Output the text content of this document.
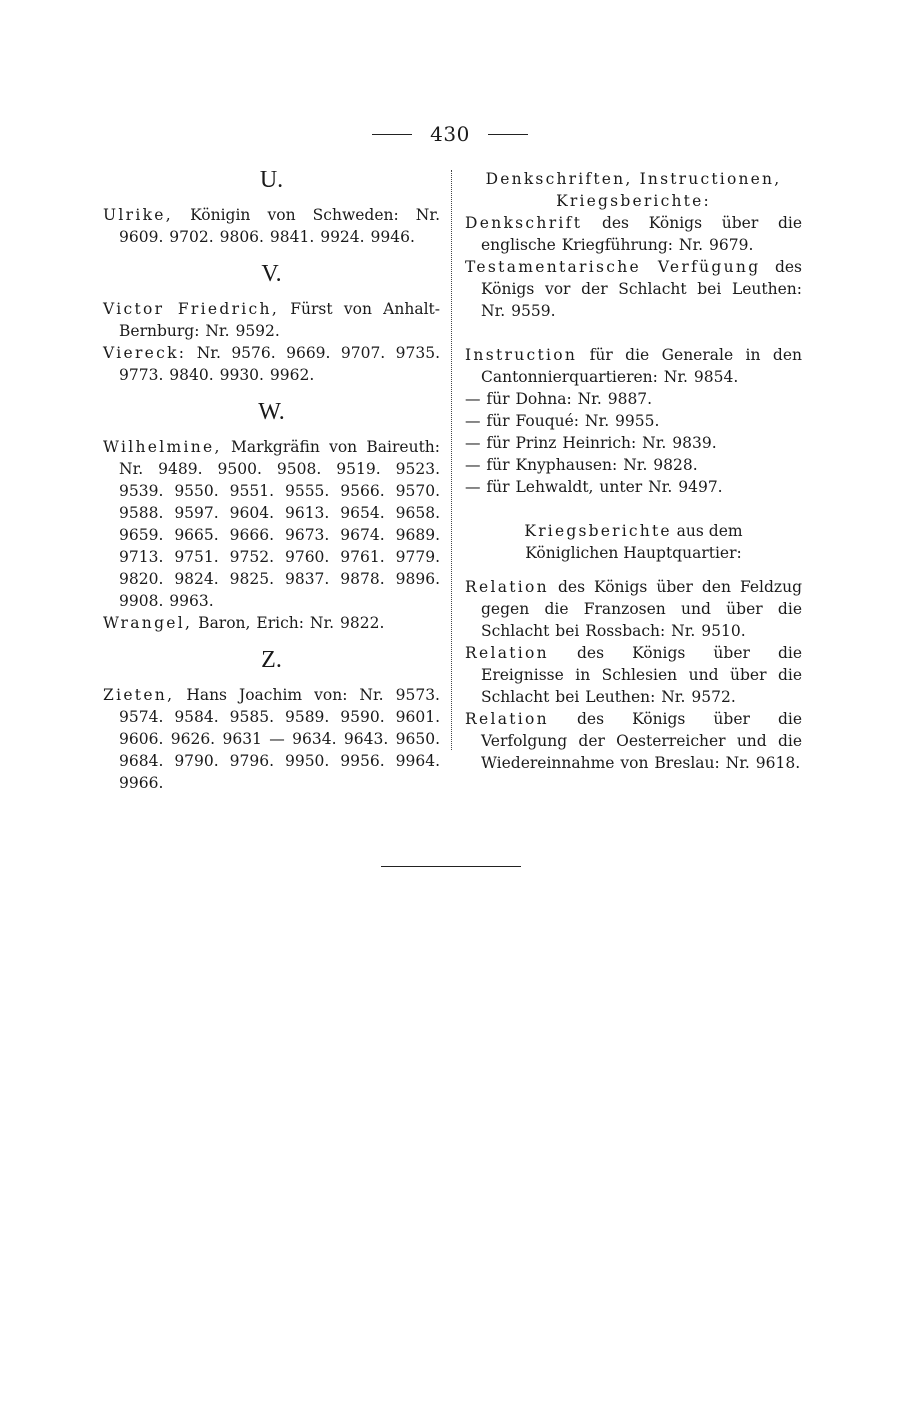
430
U.
Ulrike, Königin von Schweden: Nr. 9609. 9702. 9806. 9841. 9924. 9946.
V.
Victor Friedrich, Fürst von Anhalt-Bernburg: Nr. 9592.
Viereck: Nr. 9576. 9669. 9707. 9735. 9773. 9840. 9930. 9962.
W.
Wilhelmine, Markgräfin von Baireuth: Nr. 9489. 9500. 9508. 9519. 9523. 9539. 9550. 9551. 9555. 9566. 9570. 9588. 9597. 9604. 9613. 9654. 9658. 9659. 9665. 9666. 9673. 9674. 9689. 9713. 9751. 9752. 9760. 9761. 9779. 9820. 9824. 9825. 9837. 9878. 9896. 9908. 9963.
Wrangel, Baron, Erich: Nr. 9822.
Z.
Zieten, Hans Joachim von: Nr. 9573. 9574. 9584. 9585. 9589. 9590. 9601. 9606. 9626. 9631 — 9634. 9643. 9650. 9684. 9790. 9796. 9950. 9956. 9964. 9966.
Denkschriften, Instructionen,
Kriegsberichte:
Denkschrift des Königs über die englische Kriegführung: Nr. 9679.
Testamentarische Verfügung des Königs vor der Schlacht bei Leuthen: Nr. 9559.
Instruction für die Generale in den Cantonnierquartieren: Nr. 9854.
— für Dohna: Nr. 9887.
— für Fouqué: Nr. 9955.
— für Prinz Heinrich: Nr. 9839.
— für Knyphausen: Nr. 9828.
— für Lehwaldt, unter Nr. 9497.
Kriegsberichte aus dem Königlichen Hauptquartier:
Relation des Königs über den Feldzug gegen die Franzosen und über die Schlacht bei Rossbach: Nr. 9510.
Relation des Königs über die Ereignisse in Schlesien und über die Schlacht bei Leuthen: Nr. 9572.
Relation des Königs über die Verfolgung der Oesterreicher und die Wiedereinnahme von Breslau: Nr. 9618.
